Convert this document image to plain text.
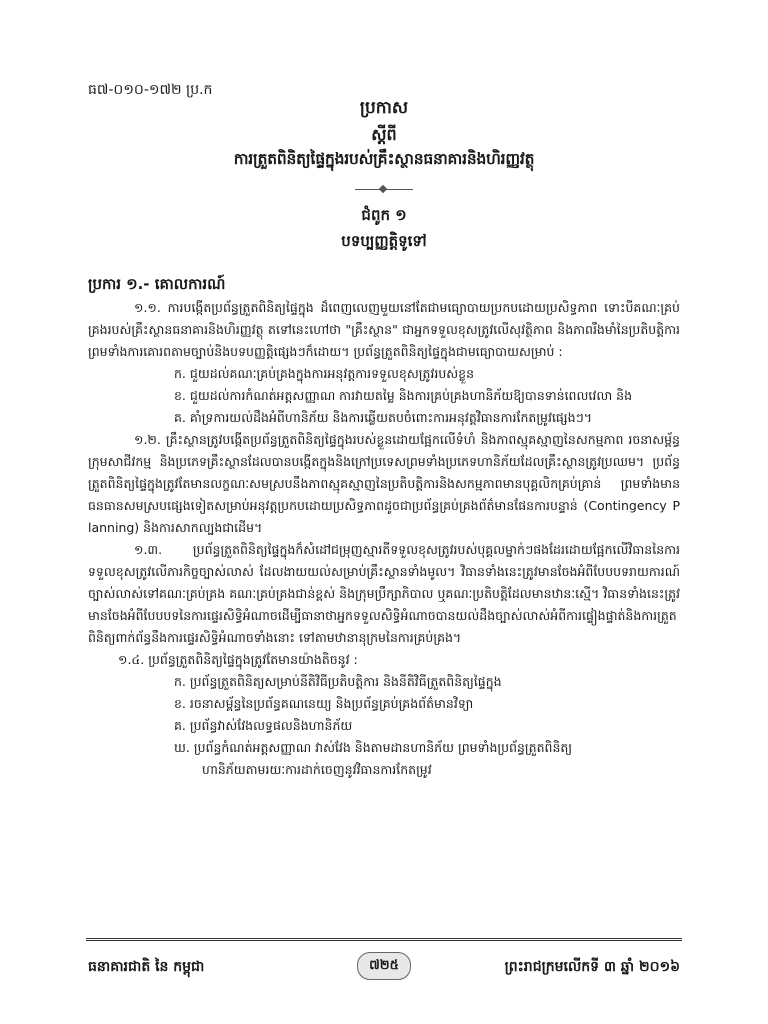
ធ៧-០១០-១៧២ ប្រ.ក
ប្រកាស
ស្តីពី
ការត្រួតពិនិត្យផ្ទៃក្នុងរបស់គ្រឹះស្ថានធនាគារនិងហិរញ្ញវត្ថុ
ជំពូក ១
បទប្បញ្ញត្តិទូទៅ
ប្រការ ១.- គោលការណ៍

១.១. ការបង្កើតប្រព័ន្ធត្រួតពិនិត្យផ្ទៃក្នុង ដ៏ពេញលេញមួយនៅតែជាមធ្យោបាយប្រកបដោយប្រសិទ្ធភាព ទោះបីគណៈគ្រប់គ្រងរបស់គ្រឹះស្ថានធនាគារនិងហិរញ្ញវត្ថុ តទៅនេះហៅថា "គ្រឹះស្ថាន" ជាអ្នកទទួលខុសត្រូវលើសុវត្ថិភាព និងភាពរឹងមាំនៃប្រតិបត្តិការ ព្រមទាំងការគោរពតាមច្បាប់និងបទបញ្ញត្តិផ្សេងៗក៏ដោយ។ ប្រព័ន្ធត្រួតពិនិត្យផ្ទៃក្នុងជាមធ្យោបាយសម្រាប់ :

ក. ជួយដល់គណៈគ្រប់គ្រងក្នុងការអនុវត្តការទទួលខុសត្រូវរបស់ខ្លួន

ខ. ជួយដល់ការកំណត់អត្តសញ្ញាណ ការវាយតម្លៃ និងការគ្រប់គ្រងហានិភ័យឱ្យបានទាន់ពេលវេលា និង

គ. គាំទ្រការយល់ដឹងអំពីហានិភ័យ និងការឆ្លើយតបចំពោះការអនុវត្តវិធានការកែតម្រូវផ្សេងៗ។

១.២. គ្រឹះស្ថានត្រូវបង្កើតប្រព័ន្ធត្រួតពិនិត្យផ្ទៃក្នុងរបស់ខ្លួនដោយផ្អែកលើទំហំ និងភាពស្មុគស្មាញនៃសកម្មភាព រចនាសម្ព័ន្ធក្រុមសាជីវកម្ម និងប្រភេទគ្រឹះស្ថានដែលបានបង្កើតក្នុងនិងក្រៅប្រទេសព្រមទាំងប្រភេទហានិភ័យដែលគ្រឹះស្ថានត្រូវប្រឈម។ ប្រព័ន្ធត្រួតពិនិត្យផ្ទៃក្នុងត្រូវតែមានលក្ខណៈសមស្របនឹងភាពស្មុគស្មាញនៃប្រតិបត្តិការនិងសកម្មភាពមានបុគ្គលិកគ្រប់គ្រាន់ ព្រមទាំងមានធនធានសមស្របផ្សេងទៀតសម្រាប់អនុវត្តប្រកបដោយប្រសិទ្ធភាពដូចជាប្រព័ន្ធគ្រប់គ្រងព័ត៌មានផែនការបន្ទាន់ (Contingency P lanning) និងការសាកល្បងជាដើម។

១.៣. ប្រព័ន្ធត្រួតពិនិត្យផ្ទៃក្នុងក៏សំដៅជម្រុញស្មារតីទទួលខុសត្រូវរបស់បុគ្គលម្នាក់ៗផងដែរដោយផ្អែកលើវិធាននៃការទទួលខុសត្រូវលើភារកិច្ចច្បាស់លាស់ ដែលងាយយល់សម្រាប់គ្រឹះស្ថានទាំងមូល។ វិធានទាំងនេះត្រូវមានចែងអំពីបែបបទរាយការណ៍ច្បាស់លាស់ទៅគណៈគ្រប់គ្រង គណៈគ្រប់គ្រងជាន់ខ្ពស់ និងក្រុមប្រឹក្សាភិបាល ឬគណៈប្រតិបត្តិដែលមានឋានៈស្មើ។ វិធានទាំងនេះត្រូវមានចែងអំពីបែបបទនៃការផ្ទេរសិទ្ធិអំណាចដើម្បីធានាថាអ្នកទទួលសិទ្ធិអំណាចបានយល់ដឹងច្បាស់លាស់អំពីការផ្ទៀងផ្ទាត់និងការត្រួតពិនិត្យពាក់ព័ន្ធនឹងការផ្ទេរសិទ្ធិអំណាចទាំងនោះ ទៅតាមឋានានុក្រមនៃការគ្រប់គ្រង។

១.៤. ប្រព័ន្ធត្រួតពិនិត្យផ្ទៃក្នុងត្រូវតែមានយ៉ាងតិចនូវ :

ក. ប្រព័ន្ធត្រួតពិនិត្យសម្រាប់នីតិវិធីប្រតិបត្តិការ និងនីតិវិធីត្រួតពិនិត្យផ្ទៃក្នុង

ខ. រចនាសម្ព័ន្ធនៃប្រព័ន្ធគណនេយ្យ និងប្រព័ន្ធគ្រប់គ្រងព័ត៌មានវិទ្យា

គ. ប្រព័ន្ធវាស់វែងលទ្ធផលនិងហានិភ័យ

ឃ. ប្រព័ន្ធកំណត់អត្តសញ្ញាណ វាស់វែង និងតាមដានហានិភ័យ ព្រមទាំងប្រព័ន្ធត្រួតពិនិត្យ
ហានិភ័យតាមរយៈការដាក់ចេញនូវវិធានការកែតម្រូវ

ធនាគារជាតិ នៃ កម្ពុជា	៧២៥	ព្រះរាជក្រមលើកទី ៣ ឆ្នាំ ២០១៦
